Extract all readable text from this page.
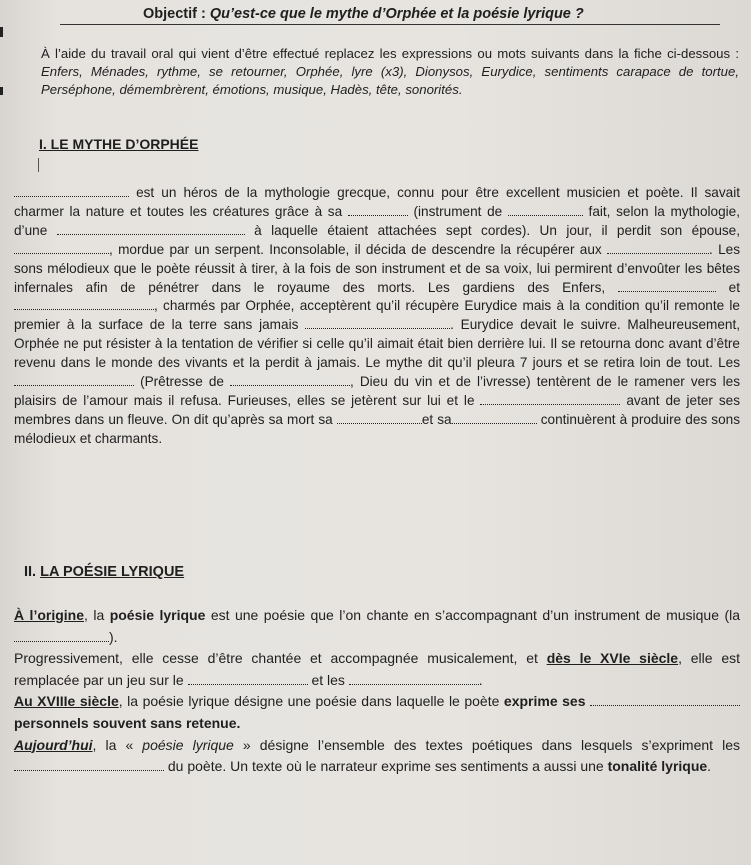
Objectif : Qu’est-ce que le mythe d’Orphée et la poésie lyrique ?
À l’aide du travail oral qui vient d’être effectué replacez les expressions ou mots suivants dans la fiche ci-dessous : Enfers, Ménades, rythme, se retourner, Orphée, lyre (x3), Dionysos, Eurydice, sentiments carapace de tortue, Perséphone, démembrèrent, émotions, musique, Hadès, tête, sonorités.
I. LE MYTHE D’ORPHÉE
est un héros de la mythologie grecque, connu pour être excellent musicien et poète. Il savait charmer la nature et toutes les créatures grâce à sa	(instrument de	fait, selon la mythologie, d’une	à laquelle étaient attachées sept cordes). Un jour, il perdit son épouse, , mordue par un serpent. Inconsolable, il décida de descendre la récupérer aux	. Les sons mélodieux que le poète réussit à tirer, à la fois de son instrument et de sa voix, lui permirent d’envoûter les bêtes infernales afin de pénétrer dans le royaume des morts. Les gardiens des Enfers,	et , charmés par Orphée, acceptèrent qu’il récupère Eurydice mais à la condition qu’il remonte le premier à la surface de la terre sans jamais	. Eurydice devait le suivre. Malheureusement, Orphée ne put résister à la tentation de vérifier si celle qu’il aimait était bien derrière lui. Il se retourna donc avant d’être revenu dans le monde des vivants et la perdit à jamais. Le mythe dit qu’il pleura 7 jours et se retira loin de tout. Les  (Prêtresse de	, Dieu du vin et de l’ivresse) tentèrent de le ramener vers les plaisirs de l’amour mais il refusa. Furieuses, elles se jetèrent sur lui et le	avant de jeter ses membres dans un fleuve. On dit qu’après sa mort sa	et sa	continuèrent à produire des sons mélodieux et charmants.
II. LA POÉSIE LYRIQUE
À l’origine, la poésie lyrique est une poésie que l’on chante en s’accompagnant d’un instrument de musique (la ).
Progressivement, elle cesse d’être chantée et accompagnée musicalement, et dès le XVIe siècle, elle est remplacée par un jeu sur le	et les	.
Au XVIIIe siècle, la poésie lyrique désigne une poésie dans laquelle le poète exprime ses  personnels souvent sans retenue.
Aujourd’hui, la « poésie lyrique » désigne l’ensemble des textes poétiques dans lesquels s’expriment les  du poète. Un texte où le narrateur exprime ses sentiments a aussi une tonalité lyrique.
